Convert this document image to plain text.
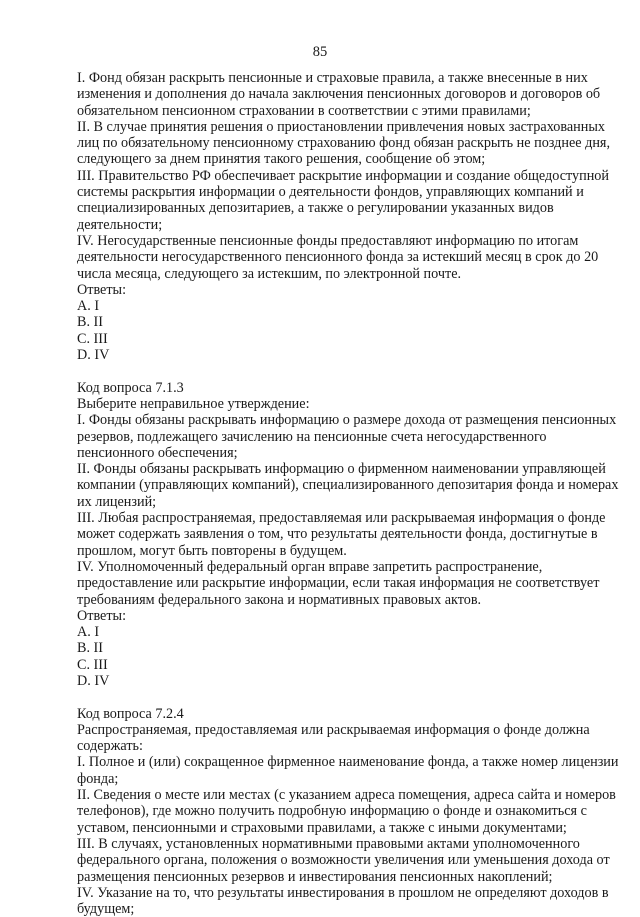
85
I. Фонд обязан раскрыть пенсионные и страховые правила, а также внесенные в них
изменения и дополнения до начала заключения пенсионных договоров и договоров об
обязательном пенсионном страховании в соответствии с этими правилами;
II. В случае принятия решения о приостановлении привлечения новых застрахованных
лиц по обязательному пенсионному страхованию фонд обязан раскрыть не позднее дня,
следующего за днем принятия такого решения, сообщение об этом;
III. Правительство РФ обеспечивает раскрытие информации и создание общедоступной
системы раскрытия информации о деятельности фондов, управляющих компаний и
специализированных депозитариев, а также о регулировании указанных видов
деятельности;
IV. Негосударственные пенсионные фонды предоставляют информацию по итогам
деятельности негосударственного пенсионного фонда за истекший месяц в срок до 20
числа месяца, следующего за истекшим, по электронной почте.
Ответы:
A. I
B. II
C. III
D. IV
Код вопроса 7.1.3
Выберите неправильное утверждение:
I. Фонды обязаны раскрывать информацию о размере дохода от размещения пенсионных
резервов, подлежащего зачислению на пенсионные счета негосударственного
пенсионного обеспечения;
II. Фонды обязаны раскрывать информацию о фирменном наименовании управляющей
компании (управляющих компаний), специализированного депозитария фонда и номерах
их лицензий;
III. Любая распространяемая, предоставляемая или раскрываемая информация о фонде
может содержать заявления о том, что результаты деятельности фонда, достигнутые в
прошлом, могут быть повторены в будущем.
IV. Уполномоченный федеральный орган вправе запретить распространение,
предоставление или раскрытие информации, если такая информация не соответствует
требованиям федерального закона и нормативных правовых актов.
Ответы:
A. I
B. II
C. III
D. IV
Код вопроса 7.2.4
Распространяемая, предоставляемая или раскрываемая информация о фонде должна
содержать:
I. Полное и (или) сокращенное фирменное наименование фонда, а также номер лицензии
фонда;
II. Сведения о месте или местах (с указанием адреса помещения, адреса сайта и номеров
телефонов), где можно получить подробную информацию о фонде и ознакомиться с
уставом, пенсионными и страховыми правилами, а также с иными документами;
III. В случаях, установленных нормативными правовыми актами уполномоченного
федерального органа, положения о возможности увеличения или уменьшения дохода от
размещения пенсионных резервов и инвестирования пенсионных накоплений;
IV. Указание на то, что результаты инвестирования в прошлом не определяют доходов в
будущем;
